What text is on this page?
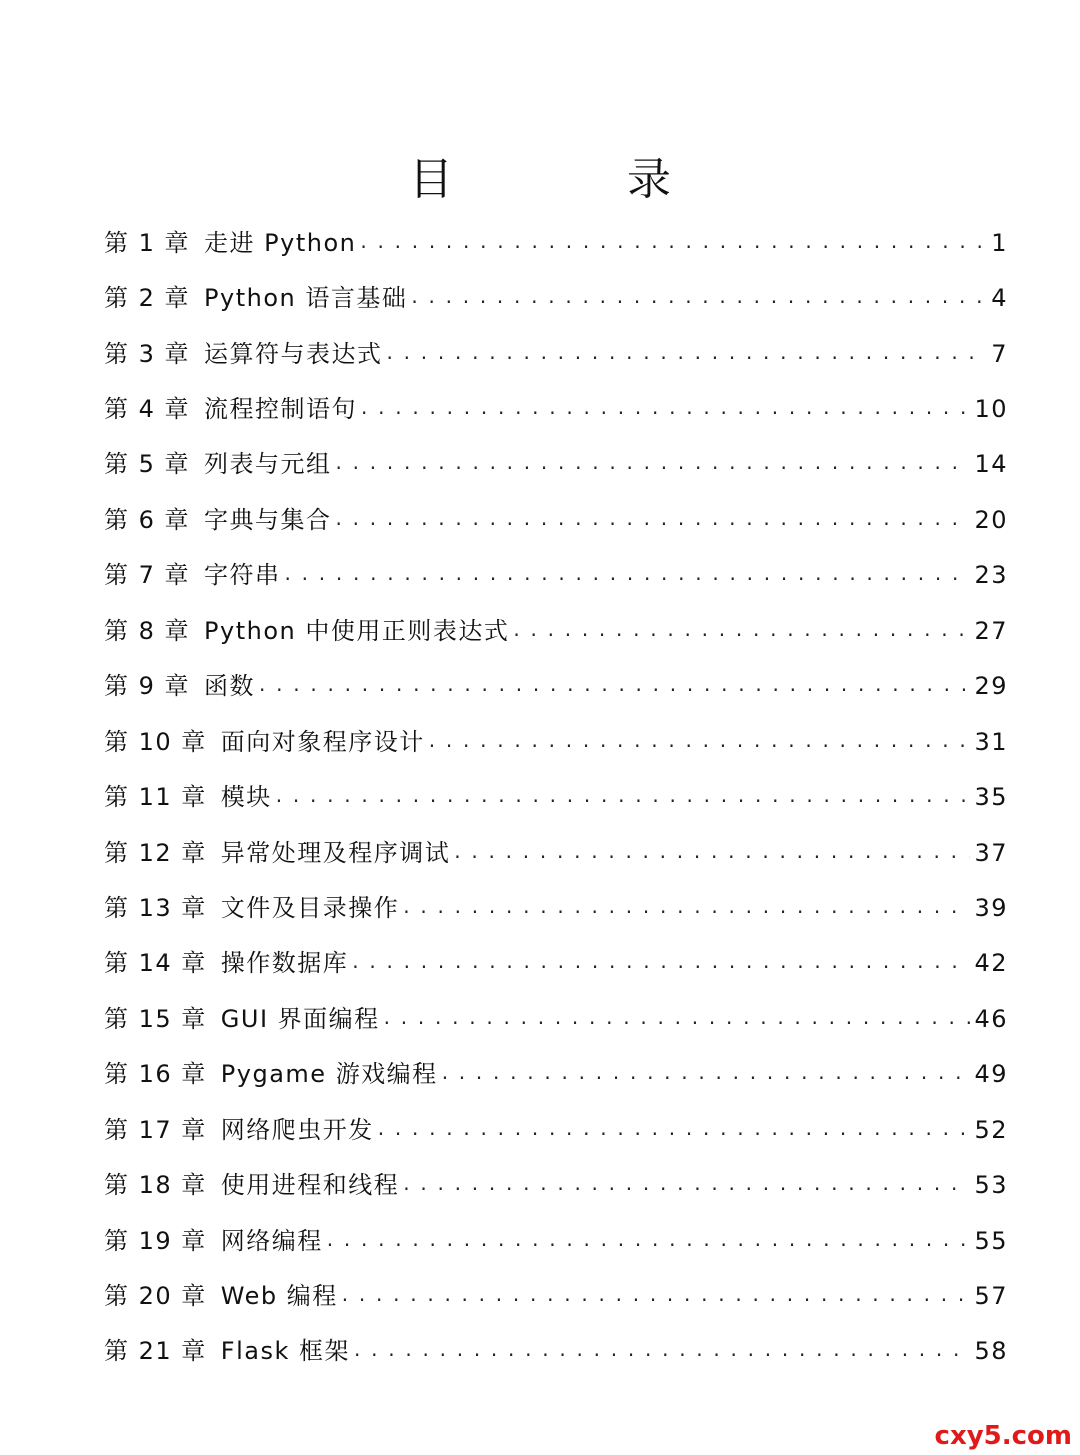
目 录
第 1 章 走进 Python . . .	1
第 2 章 Python 语言基础 . . .	4
第 3 章 运算符与表达式 . . .	7
第 4 章 流程控制语句 . . .	10
第 5 章 列表与元组 . . .	14
第 6 章 字典与集合 . . .	20
第 7 章 字符串 . . .	23
第 8 章 Python 中使用正则表达式 . . .	27
第 9 章 函数 . . .	29
第 10 章 面向对象程序设计 . . .	31
第 11 章 模块 . . .	35
第 12 章 异常处理及程序调试 . . .	37
第 13 章 文件及目录操作 . . .	39
第 14 章 操作数据库 . . .	42
第 15 章 GUI 界面编程 . . .	46
第 16 章 Pygame 游戏编程 . . .	49
第 17 章 网络爬虫开发 . . .	52
第 18 章 使用进程和线程 . . .	53
第 19 章 网络编程 . . .	55
第 20 章 Web 编程 . . .	57
第 21 章 Flask 框架 . . .	58
cxy5.com
